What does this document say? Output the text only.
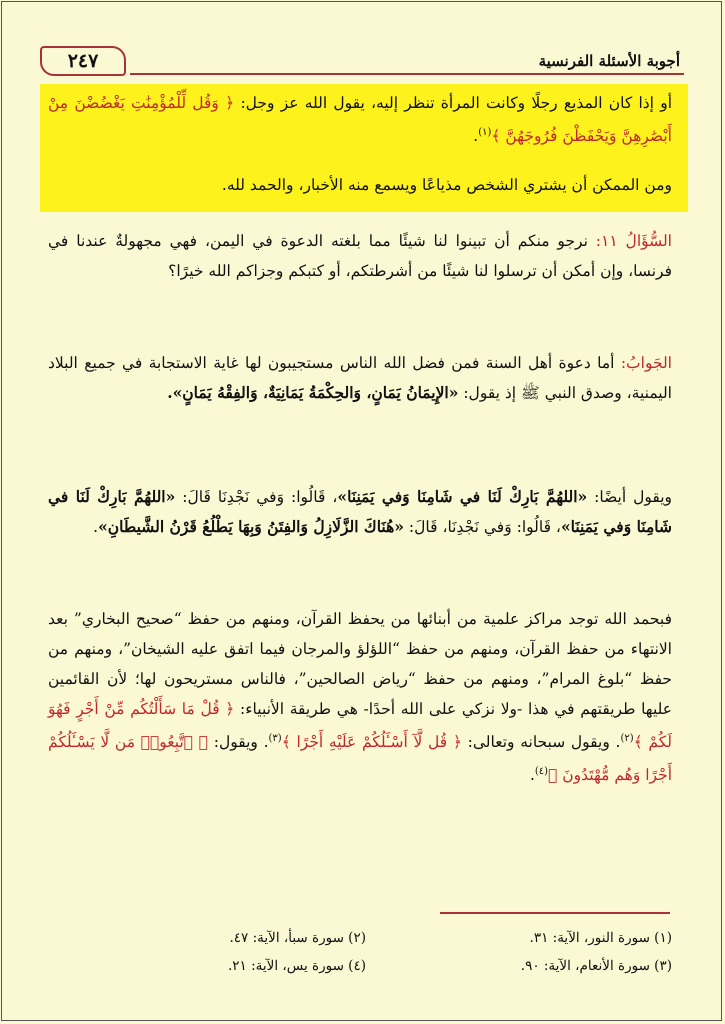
٢٤٧	أجوبة الأسئلة الفرنسية
أو إذا كان المذيع رجلًا وكانت المرأة تنظر إليه، يقول الله عز وجل: ﴿ وَقُل لِّلْمُؤْمِنَٰتِ يَغْضُضْنَ مِنْ أَبْصَٰرِهِنَّ وَيَحْفَظْنَ فُرُوجَهُنَّ ﴾$^{(١)}$.
ومن الممكن أن يشتري الشخص مذياعًا ويسمع منه الأخبار، والحمد لله.
السُّؤَالُ ١١: نرجو منكم أن تبينوا لنا شيئًا مما بلغته الدعوة في اليمن، فهي مجهولةٌ عندنا في فرنسا، وإن أمكن أن ترسلوا لنا شيئًا من أشرطتكم، أو كتبكم وجزاكم الله خيرًا؟
الجَوابُ: أما دعوة أهل السنة فمن فضل الله الناس مستجيبون لها غاية الاستجابة في جميع البلاد اليمنية، وصدق النبي ﷺ إذ يقول: «الإِيمَانُ يَمَانٍ، وَالحِكْمَةُ يَمَانِيَةٌ، وَالفِقْهُ يَمَانٍ».
ويقول أيضًا: «اللهُمَّ بَارِكْ لَنَا في شَامِنَا وَفي يَمَنِنَا»، قَالُوا: وَفي نَجْدِنَا قَالَ: «اللهُمَّ بَارِكْ لَنَا في شَامِنَا وَفي يَمَنِنَا»، قَالُوا: وَفي نَجْدِنَا، قَالَ: «هُنَاكَ الزَّلَازِلُ وَالفِتَنُ وَبِهَا يَطْلُعُ قَرْنُ الشَّيطَانِ».
فبحمد الله توجد مراكز علمية من أبنائها من يحفظ القرآن، ومنهم من حفظ “صحيح البخاري” بعد الانتهاء من حفظ القرآن، ومنهم من حفظ “اللؤلؤ والمرجان فيما اتفق عليه الشيخان”، ومنهم من حفظ “بلوغ المرام”، ومنهم من حفظ “رياض الصالحين”، فالناس مستريحون لها؛ لأن القائمين عليها طريقتهم في هذا -ولا نزكي على الله أحدًا- هي طريقة الأنبياء: ﴿ قُلْ مَا سَأَلْتُكُم مِّنْ أَجْرٍ فَهُوَ لَكُمْ ﴾$^{(٢)}$. ويقول سبحانه وتعالى: ﴿ قُل لَّآ أَسْـَٔلُكُمْ عَلَيْهِ أَجْرًا ﴾$^{(٣)}$. ويقول: ﴿ ٱتَّبِعُوا۟ مَن لَّا يَسْـَٔلُكُمْ أَجْرًا وَهُم مُّهْتَدُونَ ﴾$^{(٤)}$.
(١) سورة النور، الآية: ٣١.
(٢) سورة سبأ، الآية: ٤٧.
(٣) سورة الأنعام، الآية: ٩٠.
(٤) سورة يس، الآية: ٢١.
